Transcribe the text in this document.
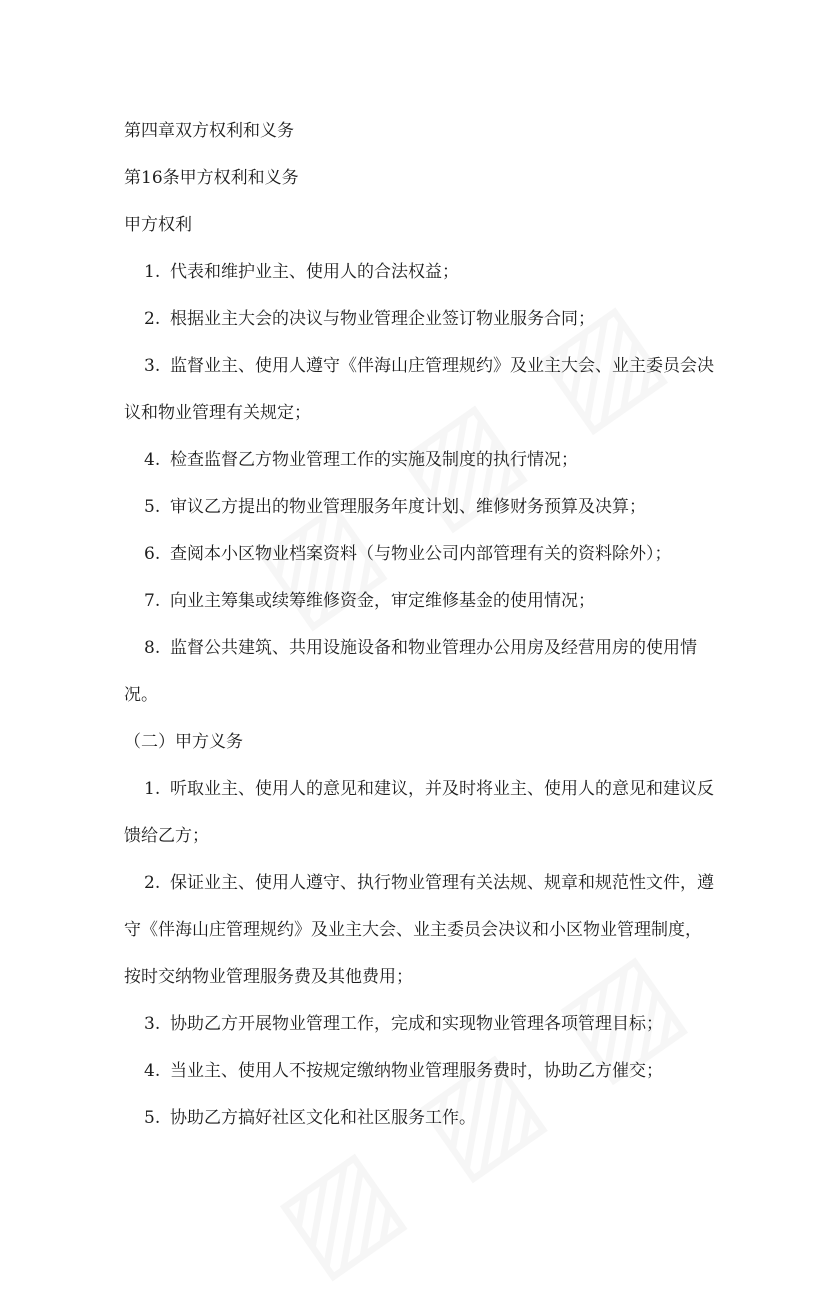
第四章双方权利和义务
第16条甲方权利和义务
甲方权利
1. 代表和维护业主、使用人的合法权益；
2. 根据业主大会的决议与物业管理企业签订物业服务合同；
3. 监督业主、使用人遵守《伴海山庄管理规约》及业主大会、业主委员会决
议和物业管理有关规定；
4. 检查监督乙方物业管理工作的实施及制度的执行情况；
5. 审议乙方提出的物业管理服务年度计划、维修财务预算及决算；
6. 查阅本小区物业档案资料（与物业公司内部管理有关的资料除外）；
7. 向业主筹集或续筹维修资金，审定维修基金的使用情况；
8. 监督公共建筑、共用设施设备和物业管理办公用房及经营用房的使用情
况。
（二）甲方义务
1. 听取业主、使用人的意见和建议，并及时将业主、使用人的意见和建议反
馈给乙方；
2. 保证业主、使用人遵守、执行物业管理有关法规、规章和规范性文件，遵
守《伴海山庄管理规约》及业主大会、业主委员会决议和小区物业管理制度，
按时交纳物业管理服务费及其他费用；
3. 协助乙方开展物业管理工作，完成和实现物业管理各项管理目标；
4. 当业主、使用人不按规定缴纳物业管理服务费时，协助乙方催交；
5. 协助乙方搞好社区文化和社区服务工作。
